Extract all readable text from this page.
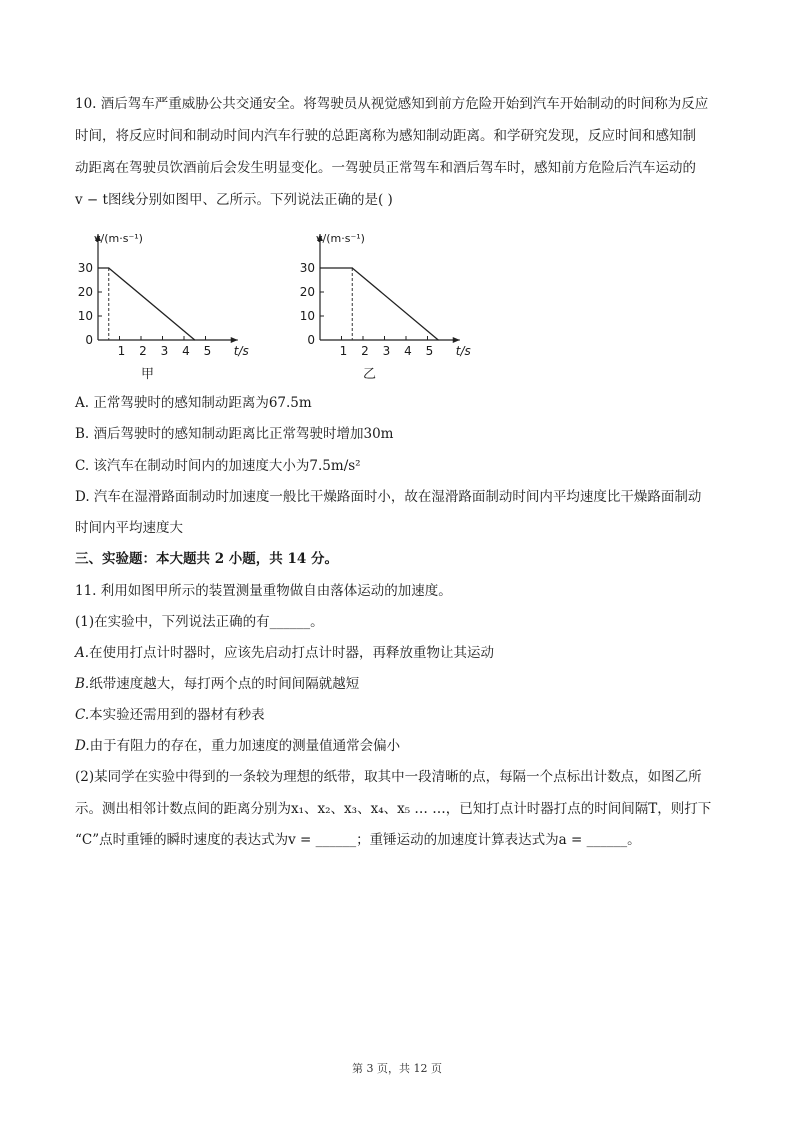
10. 酒后驾车严重威胁公共交通安全。将驾驶员从视觉感知到前方危险开始到汽车开始制动的时间称为反应
时间，将反应时间和制动时间内汽车行驶的总距离称为感知制动距离。和学研究发现，反应时间和感知制
动距离在驾驶员饮酒前后会发生明显变化。一驾驶员正常驾车和酒后驾车时，感知前方危险后汽车运动的
v − t图线分别如图甲、乙所示。下列说法正确的是( )
0
10
20
30
1 2 3 4 5
v/(m·s⁻¹)
t/s
甲
0
10
20
30
1 2 3 4 5
v/(m·s⁻¹)
t/s
乙
A. 正常驾驶时的感知制动距离为67.5m
B. 酒后驾驶时的感知制动距离比正常驾驶时增加30m
C. 该汽车在制动时间内的加速度大小为7.5m/s²
D. 汽车在湿滑路面制动时加速度一般比干燥路面时小，故在湿滑路面制动时间内平均速度比干燥路面制动
时间内平均速度大
三、实验题：本大题共 2 小题，共 14 分。
11. 利用如图甲所示的装置测量重物做自由落体运动的加速度。
(1)在实验中，下列说法正确的有______。
A.在使用打点计时器时，应该先启动打点计时器，再释放重物让其运动
B.纸带速度越大，每打两个点的时间间隔就越短
C.本实验还需用到的器材有秒表
D.由于有阻力的存在，重力加速度的测量值通常会偏小
(2)某同学在实验中得到的一条较为理想的纸带，取其中一段清晰的点，每隔一个点标出计数点，如图乙所
示。测出相邻计数点间的距离分别为x₁、x₂、x₃、x₄、x₅ … …，已知打点计时器打点的时间间隔T，则打下
“C”点时重锤的瞬时速度的表达式为v = ______；重锤运动的加速度计算表达式为a = ______。
第 3 页，共 12 页
